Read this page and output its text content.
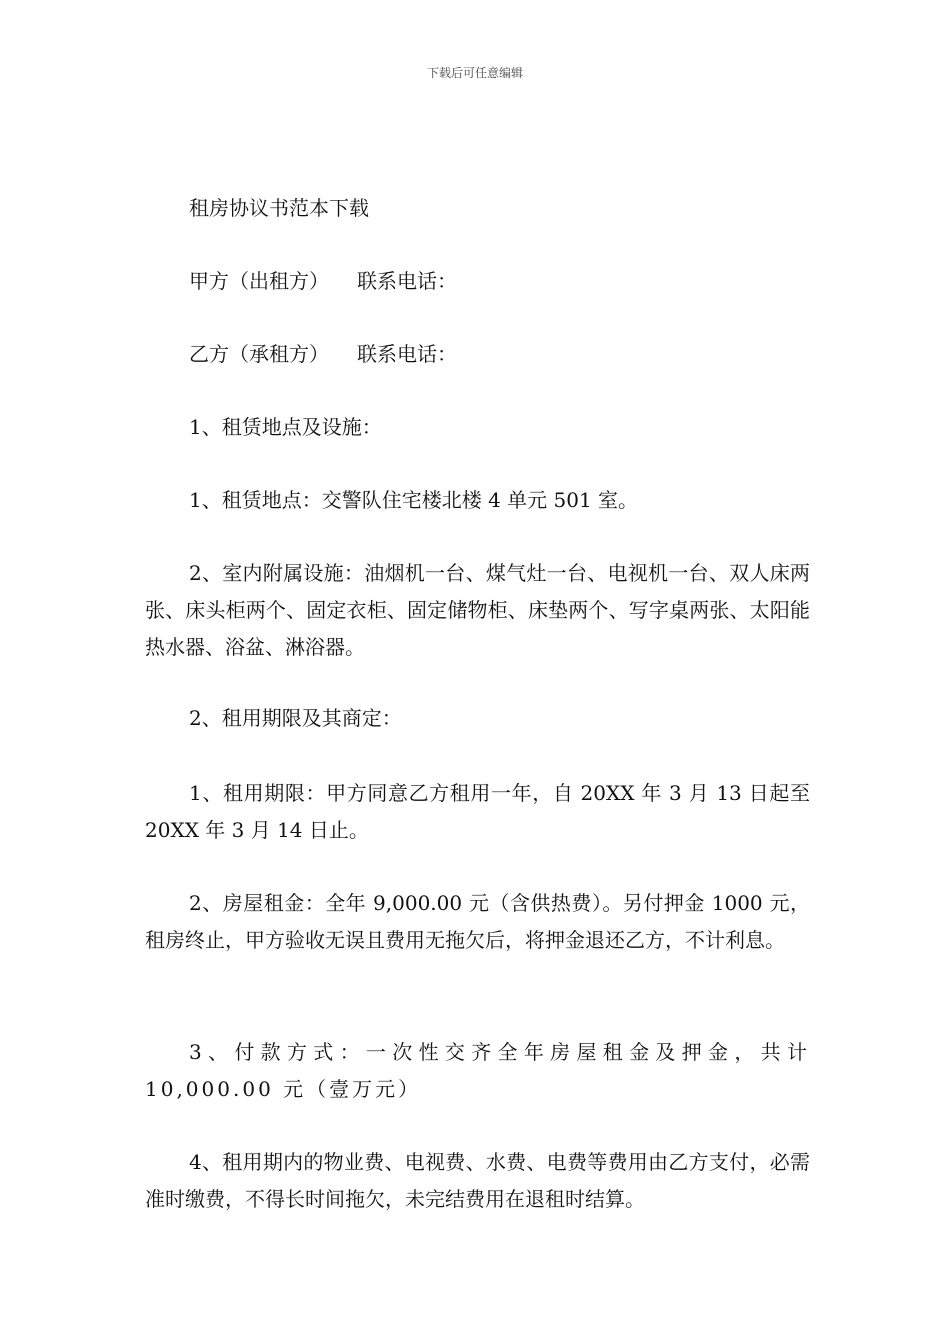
下载后可任意编辑

租房协议书范本下载

甲方（出租方） 联系电话：

乙方（承租方） 联系电话：

1、租赁地点及设施：

1、租赁地点：交警队住宅楼北楼 4 单元 501 室。

2、室内附属设施：油烟机一台、煤气灶一台、电视机一台、双人床两张、床头柜两个、固定衣柜、固定储物柜、床垫两个、写字桌两张、太阳能热水器、浴盆、淋浴器。

2、租用期限及其商定：

1、租用期限：甲方同意乙方租用一年，自 20XX 年 3 月 13 日起至 20XX 年 3 月 14 日止。

2、房屋租金：全年 9,000.00 元（含供热费）。另付押金 1000 元，租房终止，甲方验收无误且费用无拖欠后，将押金退还乙方，不计利息。

3、付款方式：一次性交齐全年房屋租金及押金，共计 10,000.00 元（壹万元）

4、租用期内的物业费、电视费、水费、电费等费用由乙方支付，必需准时缴费，不得长时间拖欠，未完结费用在退租时结算。
